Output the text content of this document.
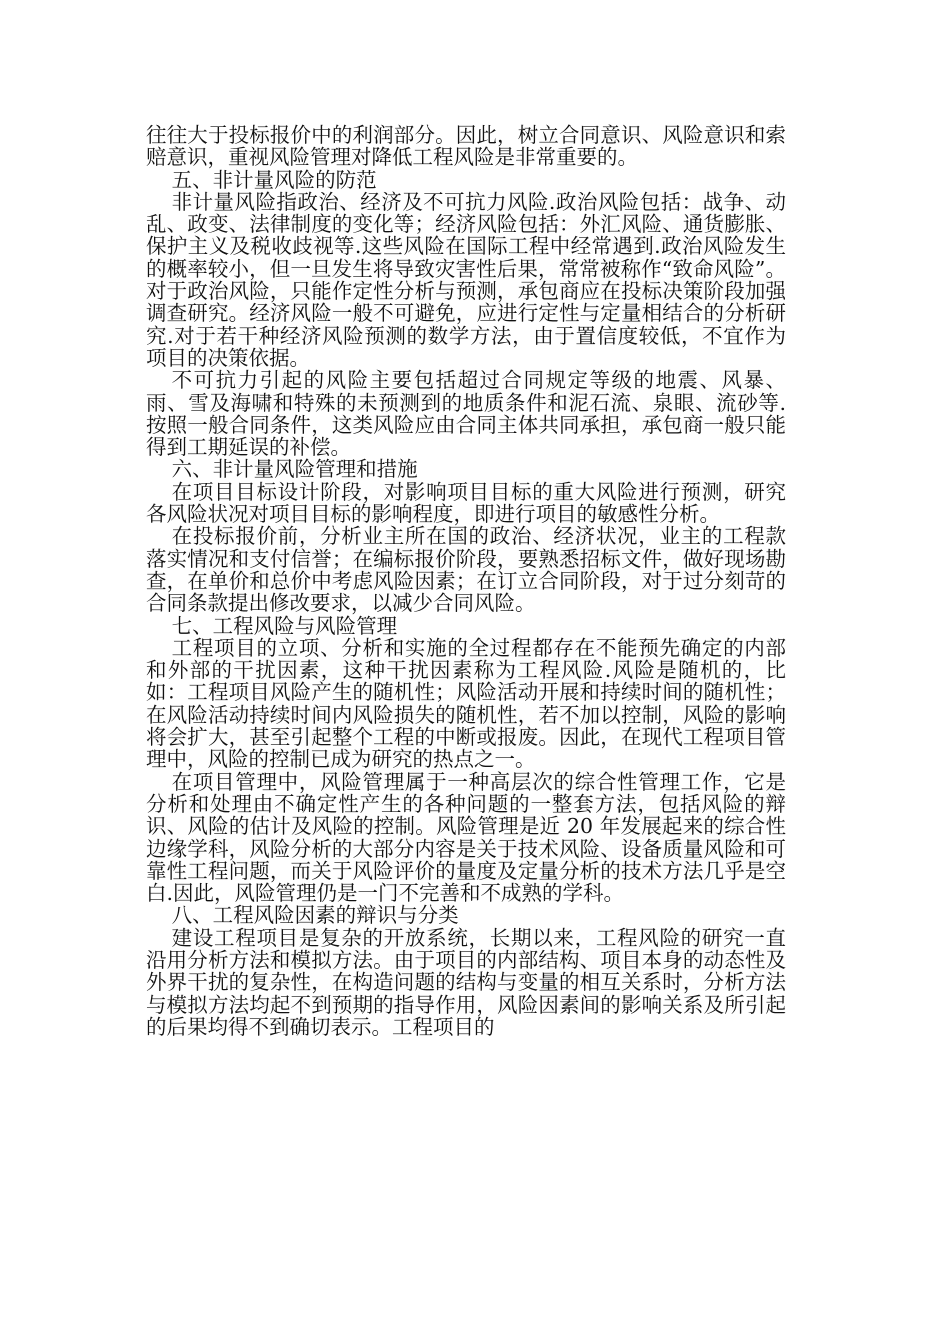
往往大于投标报价中的利润部分。因此，树立合同意识、风险意识和索赔意识，重视风险管理对降低工程风险是非常重要的。

五、非计量风险的防范

非计量风险指政治、经济及不可抗力风险.政治风险包括：战争、动乱、政变、法律制度的变化等；经济风险包括：外汇风险、通货膨胀、保护主义及税收歧视等.这些风险在国际工程中经常遇到.政治风险发生的概率较小，但一旦发生将导致灾害性后果，常常被称作“致命风险”。对于政治风险，只能作定性分析与预测，承包商应在投标决策阶段加强调查研究。经济风险一般不可避免，应进行定性与定量相结合的分析研究.对于若干种经济风险预测的数学方法，由于置信度较低，不宜作为项目的决策依据。

不可抗力引起的风险主要包括超过合同规定等级的地震、风暴、雨、雪及海啸和特殊的未预测到的地质条件和泥石流、泉眼、流砂等.按照一般合同条件，这类风险应由合同主体共同承担，承包商一般只能得到工期延误的补偿。

六、非计量风险管理和措施

在项目目标设计阶段，对影响项目目标的重大风险进行预测，研究各风险状况对项目目标的影响程度，即进行项目的敏感性分析。

在投标报价前，分析业主所在国的政治、经济状况，业主的工程款落实情况和支付信誉；在编标报价阶段，要熟悉招标文件，做好现场勘查，在单价和总价中考虑风险因素；在订立合同阶段，对于过分刻苛的合同条款提出修改要求，以减少合同风险。

七、工程风险与风险管理

工程项目的立项、分析和实施的全过程都存在不能预先确定的内部和外部的干扰因素，这种干扰因素称为工程风险.风险是随机的，比如：工程项目风险产生的随机性；风险活动开展和持续时间的随机性；在风险活动持续时间内风险损失的随机性，若不加以控制，风险的影响将会扩大，甚至引起整个工程的中断或报废。因此，在现代工程项目管理中，风险的控制已成为研究的热点之一。

在项目管理中，风险管理属于一种高层次的综合性管理工作，它是分析和处理由不确定性产生的各种问题的一整套方法，包括风险的辩识、风险的估计及风险的控制。风险管理是近 20 年发展起来的综合性边缘学科，风险分析的大部分内容是关于技术风险、设备质量风险和可靠性工程问题，而关于风险评价的量度及定量分析的技术方法几乎是空白.因此，风险管理仍是一门不完善和不成熟的学科。

八、工程风险因素的辩识与分类

建设工程项目是复杂的开放系统，长期以来，工程风险的研究一直沿用分析方法和模拟方法。由于项目的内部结构、项目本身的动态性及外界干扰的复杂性，在构造问题的结构与变量的相互关系时，分析方法与模拟方法均起不到预期的指导作用，风险因素间的影响关系及所引起的后果均得不到确切表示。工程项目的
